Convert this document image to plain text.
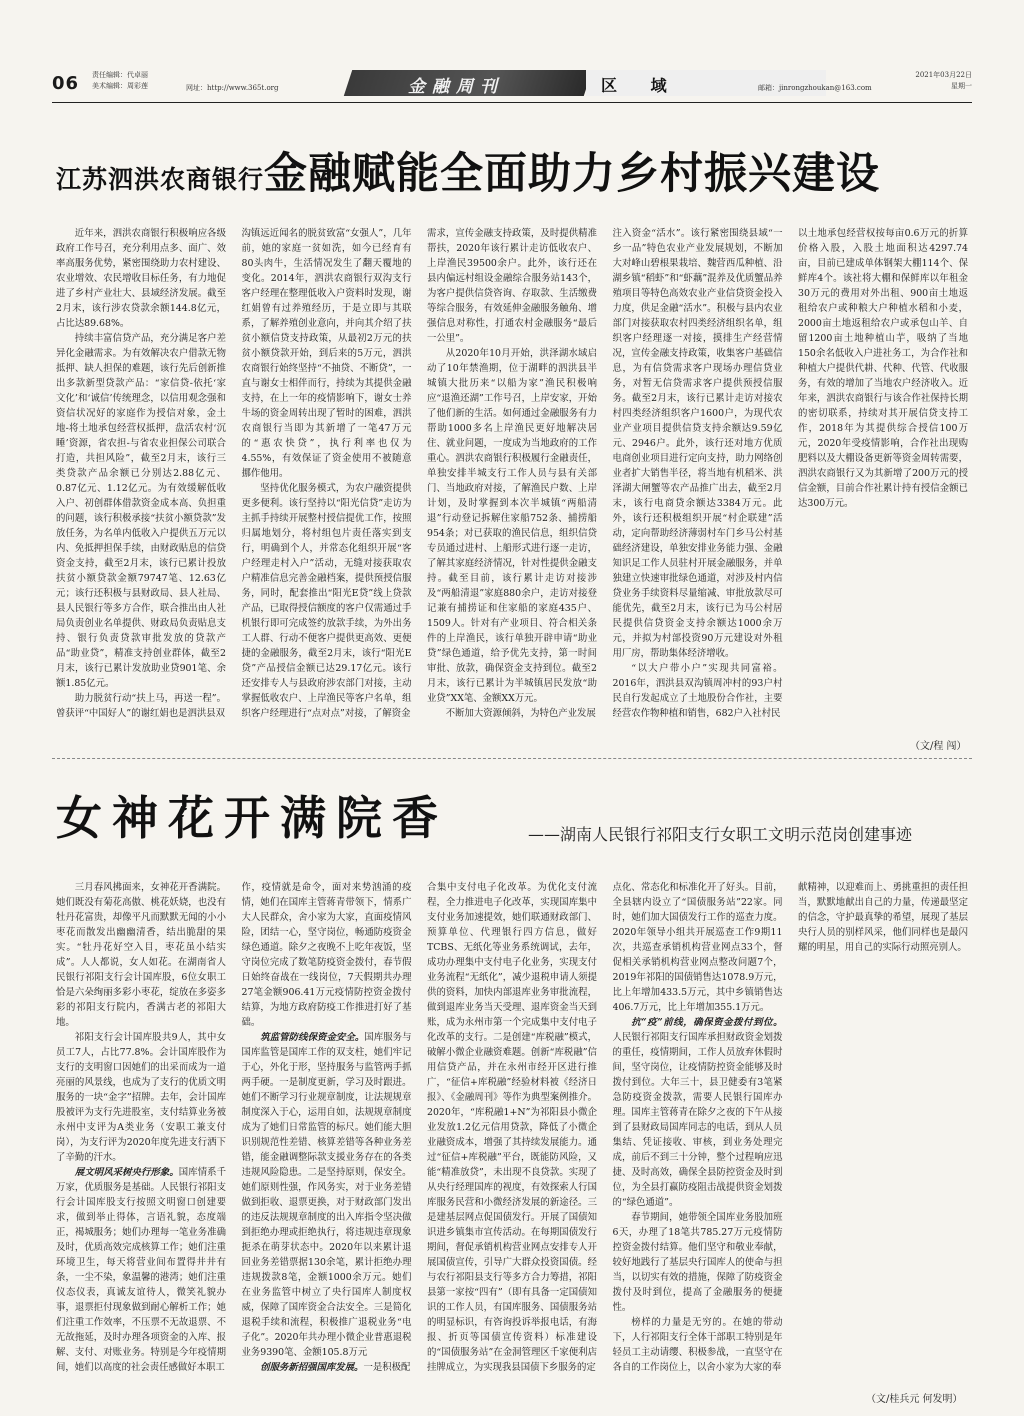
06 责任编辑：代卓丽
美术编辑：周彩莲	网址：http://www.365t.org	金融周刊	区 域	邮箱：jinrongzhoukan@163.com
2021年03月22日
星期一
江苏泗洪农商银行金融赋能全面助力乡村振兴建设

近年来，泗洪农商银行积极响应各级政府工作号召，充分利用点多、面广、效率高服务优势，紧密围绕助力农村建设、农业增效、农民增收目标任务，有力地促进了乡村产业壮大、县域经济发展。截至2月末，该行涉农贷款余额144.8亿元，占比达89.68%。

持续丰富信贷产品，充分满足客户差异化金融需求。为有效解决农户借款无物抵押、缺人担保的难题，该行先后创新推出多款新型贷款产品：“家信贷-依托‘家文化’和‘诚信’传统理念，以信用观念强和资信状况好的家庭作为授信对象，金土地-将土地承包经营权抵押，盘活农村‘沉睡’资源，省农担-与省农业担保公司联合打造，共担风险”，截至2月末，该行三类贷款产品余额已分别达2.88亿元、0.87亿元、1.12亿元。为有效缓解低收入户、初创群体借款资金成本高、负担重的问题，该行积极承接“扶贫小额贷款”发放任务，为名单内低收入户提供五万元以内、免抵押担保手续，由财政贴息的信贷资金支持，截至2月末，该行已累计投放扶贫小额贷款金额79747笔、12.63亿元；该行还积极与县财政局、县人社局、县人民银行等多方合作，联合推出由人社局负责创业名单提供、财政局负责贴息支持、银行负责贷款审批发放的贷款产品“助业贷”，精准支持创业群体，截至2月末，该行已累计发放助业贷901笔、余额1.85亿元。

助力脱贫行动“扶上马，再送一程”。曾获评“中国好人”的谢红娟也是泗洪县双

沟镇远近闻名的脱贫致富“女强人”，几年前，她的家庭一贫如洗，如今已经育有80头肉牛，生活情况发生了翻天覆地的变化。2014年，泗洪农商银行双沟支行客户经理在整理低收入户资料时发现，谢红娟曾有过养殖经历，于是立即与其联系，了解养殖创业意向，并向其介绍了扶贫小额信贷支持政策，从最初2万元的扶贫小额贷款开始，到后来的5万元，泗洪农商银行始终坚持“不抽贷、不断贷”，一直与谢女士相伴而行，持续为其提供金融支持，在上一年的疫情影响下，谢女士养牛场的资金周转出现了暂时的困难，泗洪农商银行当即为其新增了一笔47万元的“惠农快贷”，执行利率也仅为4.55%，有效保证了资金使用不被随意挪作他用。

坚持优化服务模式，为农户融资提供更多便利。该行坚持以“阳光信贷”走访为主抓手持续开展整村授信提优工作，按照归属地划分，将村组包片责任落实到支行，明确到个人，并常态化组织开展“客户经理走村入户”活动，无缝对接获取农户精准信息完善金融档案，提供预授信服务，同时，配套推出“阳光E贷”线上贷款产品，已取得授信额度的客户仅需通过手机银行即可完成签约放款手续，为外出务工人群、行动不便客户提供更高效、更便捷的金融服务，截至2月末，该行“阳光E贷”产品授信金额已达29.17亿元。该行还安排专人与县政府涉农部门对接，主动掌握低收农户、上岸渔民等客户名单，组织客户经理进行“点对点”对接，了解资金

需求，宣传金融支持政策，及时提供精准帮扶，2020年该行累计走访低收农户、上岸渔民39500余户。此外，该行还在县内偏远村组设金融综合服务站143个，为客户提供信贷咨询、存取款、生活缴费等综合服务，有效延伸金融服务触角、增强信息对称性，打通农村金融服务“最后一公里”。

从2020年10月开始，洪泽湖水域启动了10年禁渔期，位于湖畔的泗洪县半城镇大批历来“以船为家”渔民积极响应“退渔还湖”工作号召，上岸安家，开始了他们新的生活。如何通过金融服务有力帮助1000多名上岸渔民更好地解决居住、就业问题，一度成为当地政府的工作重心。泗洪农商银行积极履行金融责任，单独安排半城支行工作人员与县有关部门、当地政府对接，了解渔民户数、上岸计划，及时掌握到本次半城镇“两船清退”行动登记拆解住家船752条、捕捞船954条；对已获取的渔民信息，组织信贷专员通过进村、上船形式进行逐一走访，了解其家庭经济情况，针对性提供金融支持。截至目前，该行累计走访对接涉及“两船清退”家庭880余户，走访对接登记兼有捕捞证和住家船的家庭435户、1509人。针对有产业项目、符合相关条件的上岸渔民，该行单独开辟申请“助业贷”绿色通道，给予优先支持，第一时间审批、放款，确保资金支持到位。截至2月末，该行已累计为半城镇居民发放“助业贷”XX笔、金额XX万元。

不断加大资源倾斜，为特色产业发展

注入资金“活水”。该行紧密围绕县域“一乡一品”特色农业产业发展规划，不断加大对峰山碧根果栽培、魏营西瓜种植、沿湖乡镇“稻虾”和“虾藕”混养及优质蟹品养殖项目等特色高效农业产业信贷资金投入力度，供足金融“活水”。积极与县内农业部门对接获取农村四类经济组织名单，组织客户经理逐一对接，摸排生产经营情况，宣传金融支持政策，收集客户基础信息，为有信贷需求客户现场办理信贷业务，对暂无信贷需求客户提供预授信服务。截至2月末，该行已累计走访对接农村四类经济组织客户1600户，为现代农业产业项目提供信贷支持余额达9.59亿元、2946户。此外，该行还对地方优质电商创业项目进行定向支持，助力网络创业者扩大销售半径，将当地有机稻米、洪泽湖大闸蟹等农产品推广出去，截至2月末，该行电商贷余额达3384万元。此外，该行还积极组织开展“村企联建”活动，定向帮助经济薄弱村车门乡马公村基础经济建设，单独安排业务能力强、金融知识足工作人员驻村开展金融服务，并单独建立快速审批绿色通道，对涉及村内信贷业务手续资料尽量缩减、审批放款尽可能优先，截至2月末，该行已为马公村居民提供信贷资金支持余额达1000余万元，并拟为村部投资90万元建设对外租用厂房，帮助集体经济增收。

“以大户带小户”实现共同富裕。2016年，泗洪县双沟镇周冲村的93户村民自行发起成立了土地股份合作社，主要经营农作物种植和销售，682户入社村民

以土地承包经营权按每亩0.6万元的折算价格入股，入股土地面积达4297.74亩，目前已建成单体钢架大棚114个、保鲜库4个。该社将大棚和保鲜库以年租金30万元的费用对外出租、900亩土地返租给农户或种粮大户种植水稻和小麦，2000亩土地返租给农户或承包山羊、自留1200亩土地种植山芋，吸纳了当地150余名低收入户进社务工，为合作社和种植大户提供代耕、代种、代管、代收服务，有效的增加了当地农户经济收入。近年来，泗洪农商银行与该合作社保持长期的密切联系，持续对其开展信贷支持工作，2018年为其提供综合授信100万元，2020年受疫情影响，合作社出现购肥料以及大棚设备更新等资金周转需要，泗洪农商银行又为其新增了200万元的授信金额，目前合作社累计持有授信金额已达300万元。

（文/程 闯）
女神花开满院香	——湖南人民银行祁阳支行女职工文明示范岗创建事迹

三月春风拂面来，女神花开香满院。她们既没有菊花高傲、桃花妖娆，也没有牡丹花富贵，却像平凡而默默无闻的小小枣花而散发出幽幽清香，结出脆甜的果实。“牡丹花好空入目，枣花虽小结实成”。人人都说，女人如花。在湖南省人民银行祁阳支行会计国库股，6位女职工恰是六朵绚丽多彩小枣花，绽放在多姿多彩的祁阳支行院内，香满古老的祁阳大地。

祁阳支行会计国库股共9人，其中女员工7人，占比77.8%。会计国库股作为支行的支明窗口因她们的出采而成为一道亮丽的风景线，也成为了支行的优质文明服务的一块“金字”招牌。去年，会计国库股被评为支行先进股室，支付结算业务被永州中支评为A类业务（安职工兼支付岗），为支行评为2020年度先进支行洒下了辛勤的汗水。

展文明风采树央行形象。国库情系千万家，优质服务是基础。人民银行祁阳支行会计国库股支行按照文明窗口创建要求，做到举止得体，言语礼貌，态度端正，褐城服务；她们办理每一笔业务准确及时，优质高效完成核算工作；她们注重环境卫生，每天将营业间布置得井井有条，一尘不染，象温馨的港湾；她们注重仪态仪表，真诚友谊待人，微笑礼貌办事，退票拒付现象做到耐心解析工作；她们注重工作效率，不压票不无故退票、不无故拖延，及时办理各项资金的入库、报解、支付、对账业务。特别是今年疫情期间，她们以高度的社会责任感做好本职工

作，疫情就是命令，面对来势汹涌的疫情，她们在国库主管蒋青带领下，情系广大人民群众，舍小家为大家，直面疫情风险，团结一心，坚守岗位，畅通防疫资金绿色通道。除夕之夜晚不上吃年夜饭，坚守岗位完成了数笔防疫资金拨付，春节假日始终奋战在一线岗位，7天假期共办理27笔金额906.41万元疫情防控资金拨付结算，为地方政府防疫工作推进打好了基础。

筑监管防线保资金安全。国库服务与国库监管是国库工作的双支柱，她们牢记于心，外化于形，坚持服务与监管两手抓两手硬。一是制度更新，学习及时跟进。她们不断学习行业规章制度，让法规规章制度深入于心，运用自如，法规规章制度成为了她们日常监管的标尺。她们能大胆识别规范性差错、核算差错等各种业务差错，能金融调整际款支援业务存在的各类违规风险隐患。二是坚持原则，保安全。她们原则性强，作风务实，对于业务差错做到拒收、退票更换，对于财政部门发出的违反法规规章制度的出入库指令坚决做到拒绝办理或拒绝执行，将违规违章现象扼杀在萌芽状态中。2020年以来累计退回业务差错票据130余笔，累计拒绝办理违规拨款8笔，金额1000余万元。她们在业务监管中树立了央行国库人制度权威，保障了国库资金合法安全。三是简化退税手续和流程，积极推广退税业务“电子化”。2020年共办理小微企业普惠退税业务9390笔、金额105.8万元

创服务新招强国库发展。一是积极配

合集中支付电子化改革。为优化支付流程，全力推进电子化改革，实现国库集中支付业务加速提效，她们联通财政部门、预算单位、代理银行四方信息，做好TCBS、无纸化等业务系统调试，去年，成功办理集中支付电子化业务，实现支付业务流程“无纸化”，减少退税申请人须提供的资料，加快内部退库业务审批流程，做到退库业务当天受理、退库资金当天到账，成为永州市第一个完成集中支付电子化改革的支行。二是创建“库税融”模式，破解小微企业融资难题。创新“库税融”信用信贷产品，并在永州市经开区进行推广，“征信+库税融”经验材料被《经济日报》、《金融周刊》等作为典型案例推介。2020年，“库税融1+N”为祁阳县小微企业发放1.2亿元信用贷款，降低了小微企业融资成本，增强了其持续发展能力。通过“征信+库税融”平台，既能防风险，又能“精准放贷”，未出现不良贷款。实现了从央行经理国库的视度，有效探索人行国库服务民营和小微经济发展的新途径。三是建基层网点促国债发行。开展了国债知识进乡镇集市宣传活动。在每期国债发行期间，督促承销机构营业网点安排专人开展国债宣传，引导广大群众投资国债。经与农行祁阳县支行等多方合力筹措，祁阳县第一家按“四有”（即有具备一定国债知识的工作人员，有国库服务、国债服务站的明显标识，有咨询投诉举报电话，有海报、折页等国债宣传资料）标准建设的“国债服务站”在金洞管理区千家便利店挂牌成立，为实现我县国债下乡服务的定

点化、常态化和标准化开了好头。目前，全县辖内设立了“国债服务站”22家。同时，她们加大国债发行工作的巡查力度。2020年领导小组共开展巡查工作9期11次，共巡查承销机构营业网点33个，督促相关承销机构营业网点整改问题7个，2019年祁阳的国债销售达1078.9万元，比上年增加433.5万元，其中乡镇销售达406.7万元，比上年增加355.1万元。

抗“疫”前线，确保资金拨付到位。人民银行祁阳支行国库承担财政资金划拨的重任，疫情期间，工作人员放弃休假时间，坚守岗位，让疫情防控资金能够及时拨付到位。大年三十，县卫健委有3笔紧急防疫资金拨款，需要人民银行国库办理。国库主管蒋青在除夕之夜的下午从接到了县财政局国库同志的电话，到从人员集结、凭证接收、审核，到业务处理完成，前后不到三十分钟，整个过程响应迅捷、及时高效，确保全县防控资金及时到位，为全县打赢防疫阻击战提供资金划拨的“绿色通道”。

春节期间，她带领全国库业务股加班6天，办理了18笔共785.27万元疫情防控资金拨付结算。他们坚守和敬业奉献，较好地践行了基层央行国库人的使命与担当，以切实有效的措施，保障了防疫资金拨付及时到位，提高了金融服务的便捷性。

榜样的力量是无穷的。在她的带动下，人行祁阳支行全体干部职工特别是年轻员工主动请缨、积极参战，一直坚守在各自的工作岗位上，以舍小家为大家的奉

献精神，以迎难而上、勇挑重担的责任担当，默默地献出自己的力量，传递最坚定的信念，守护最真挚的希望，展现了基层央行人员的别样风采，他们同样也是最闪耀的明星，用自己的实际行动照亮别人。

（文/桂兵元 何发明）
